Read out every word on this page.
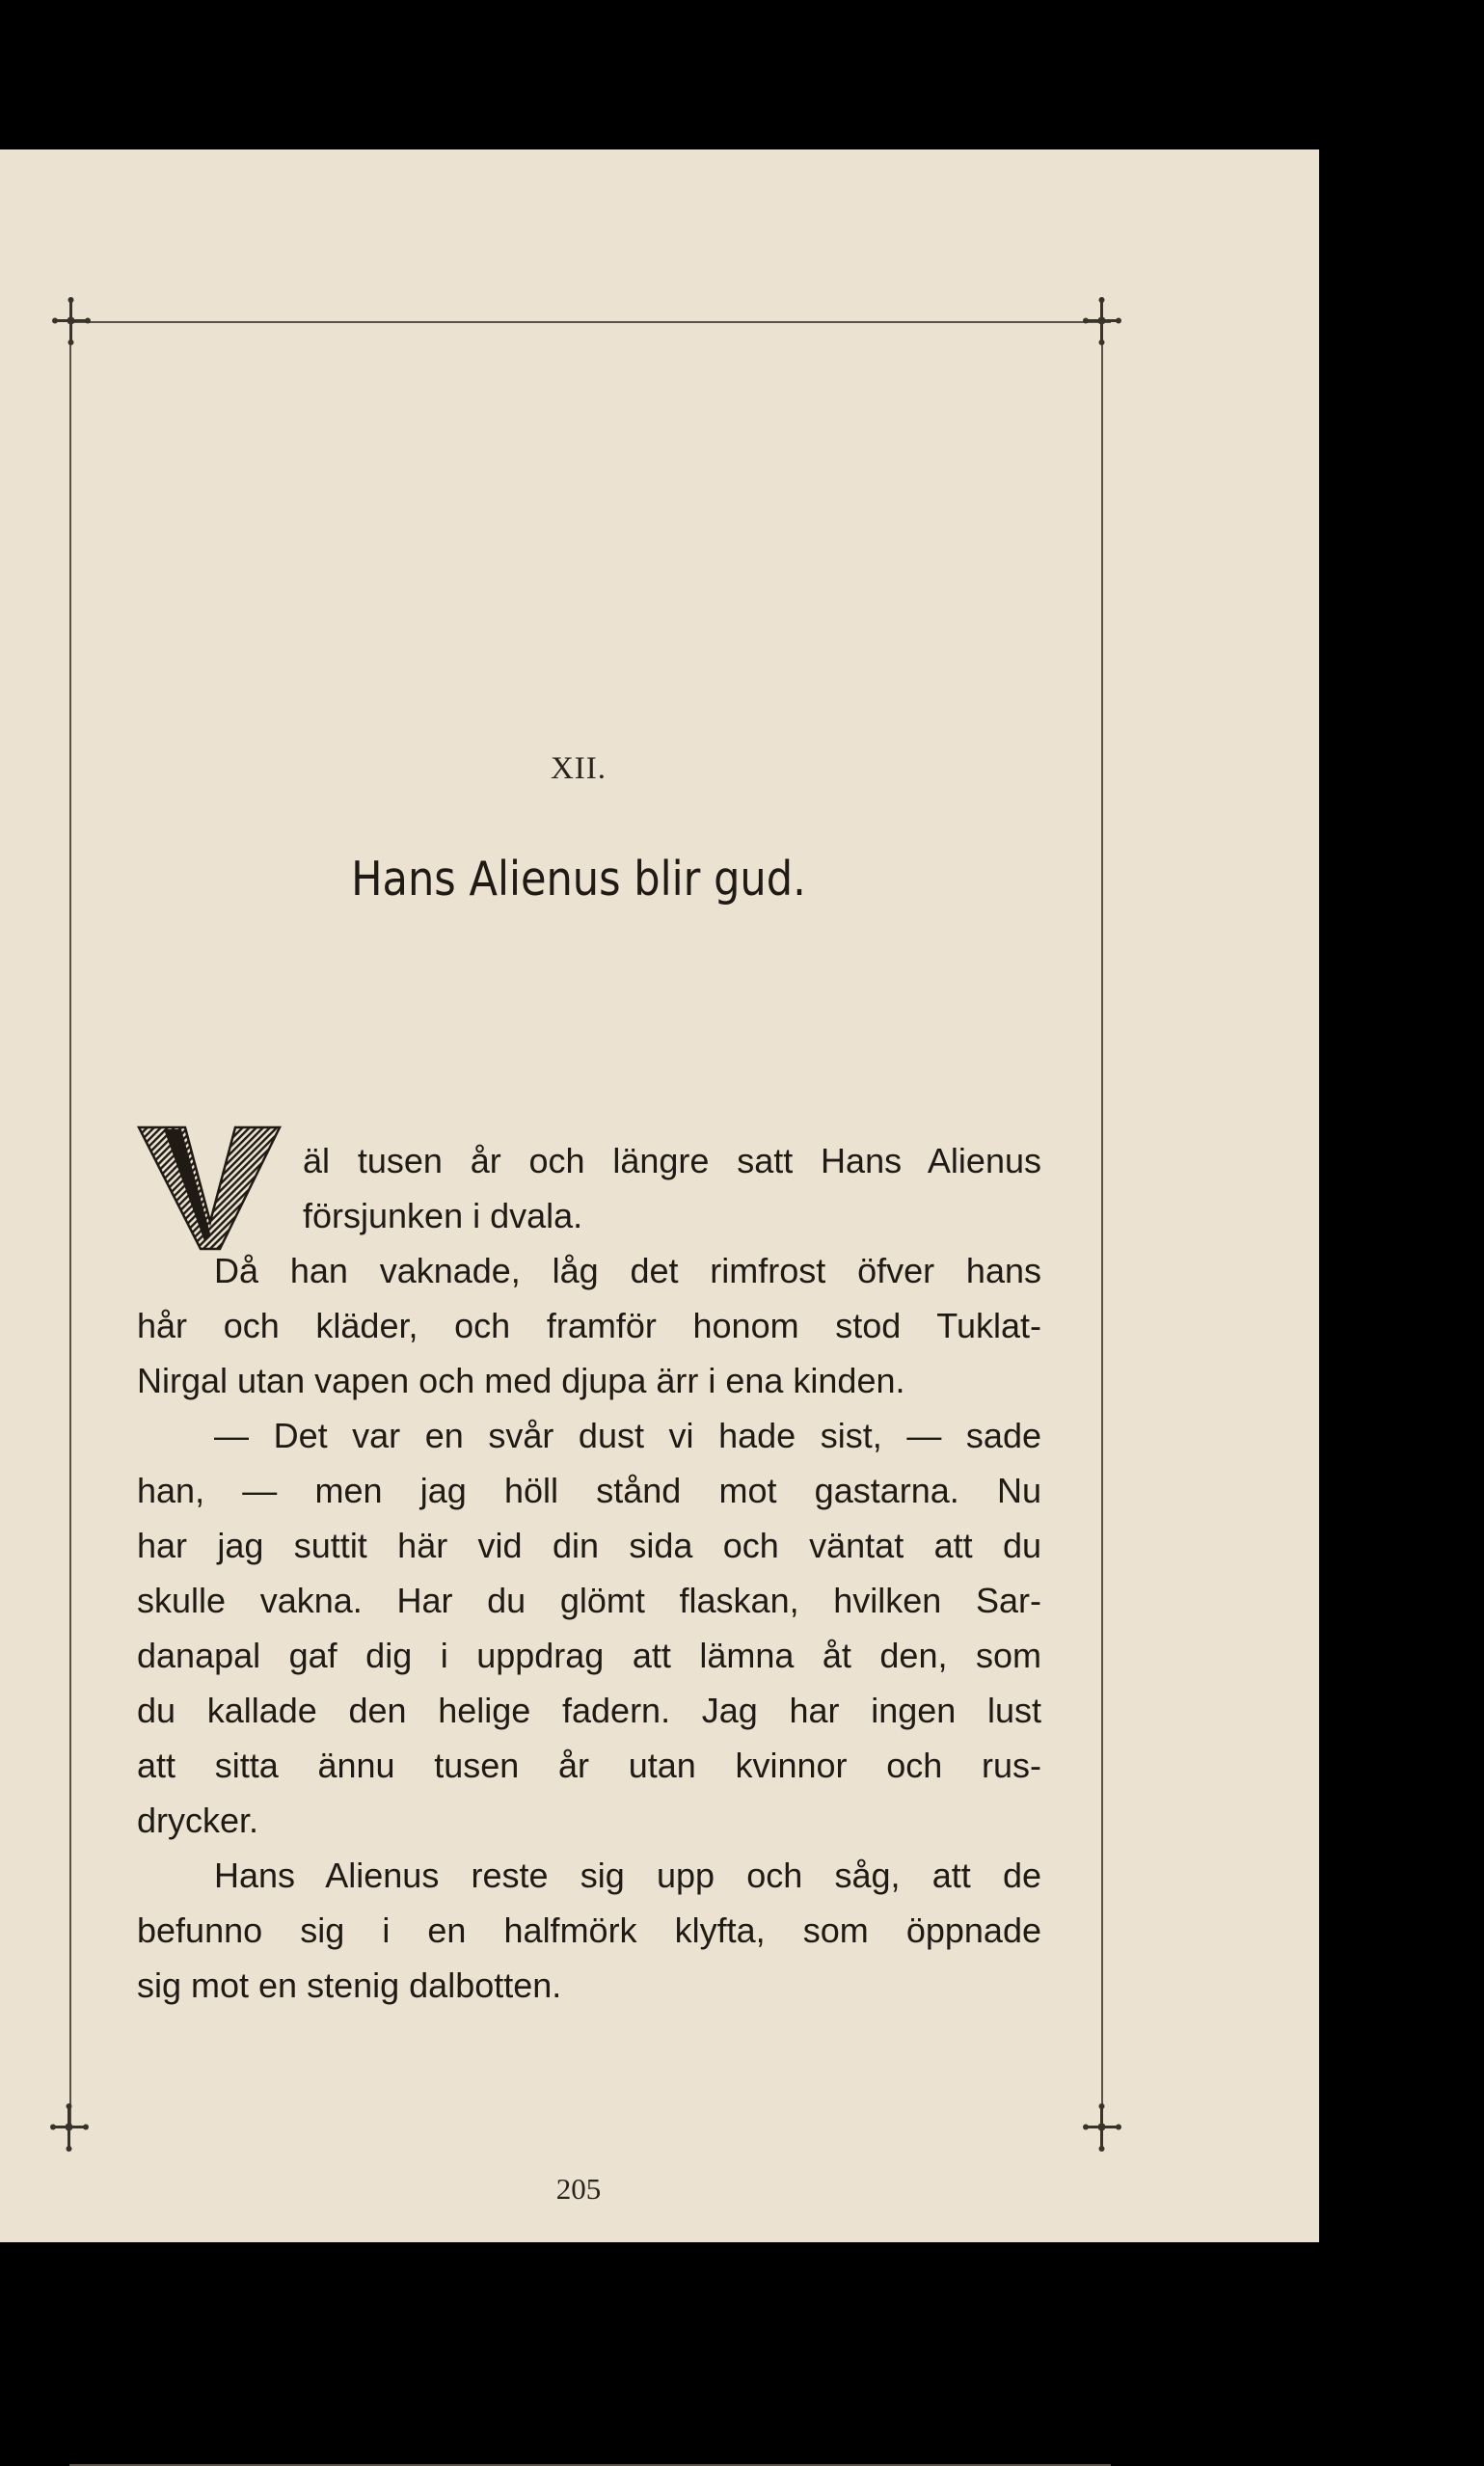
XII.
Hans Alienus blir gud.
V
äl tusen år och längre satt Hans Alienus
försjunken i dvala.
Då han vaknade, låg det rimfrost öfver hans
hår och kläder, och framför honom stod Tuklat-
Nirgal utan vapen och med djupa ärr i ena kinden.
— Det var en svår dust vi hade sist, — sade
han, — men jag höll stånd mot gastarna. Nu
har jag suttit här vid din sida och väntat att du
skulle vakna. Har du glömt flaskan, hvilken Sar-
danapal gaf dig i uppdrag att lämna åt den, som
du kallade den helige fadern. Jag har ingen lust
att sitta ännu tusen år utan kvinnor och rus-
drycker.
Hans Alienus reste sig upp och såg, att de
befunno sig i en halfmörk klyfta, som öppnade
sig mot en stenig dalbotten.
205
